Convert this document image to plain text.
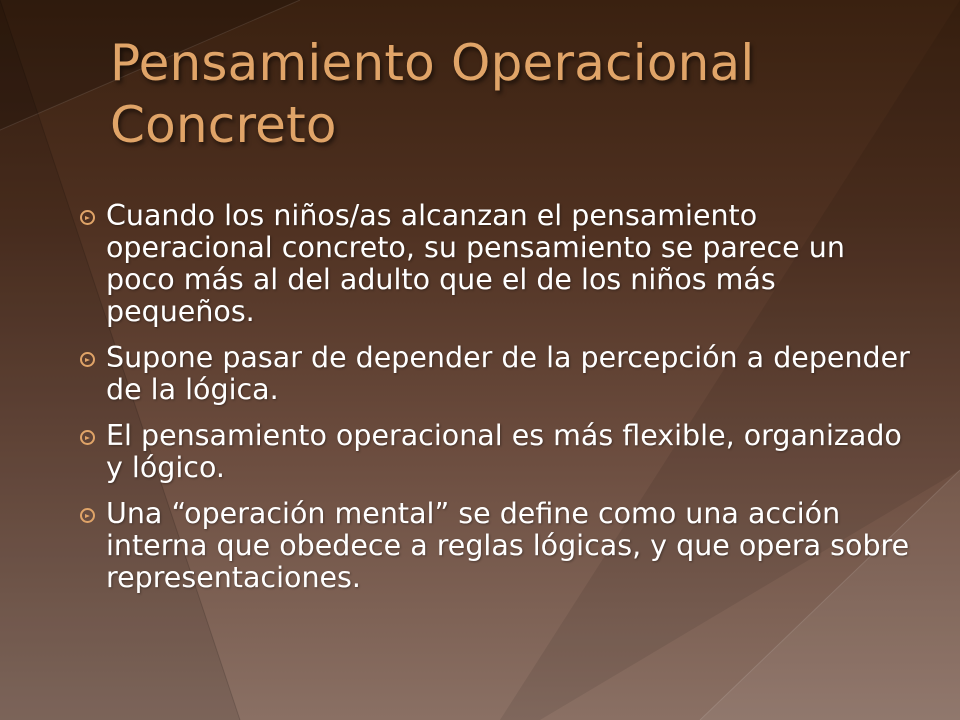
Pensamiento Operacional
Concreto
Cuando los niños/as alcanzan el pensamiento operacional concreto, su pensamiento se parece un poco más al del adulto que el de los niños más pequeños.
Supone pasar de depender de la percepción a depender de la lógica.
El pensamiento operacional es más flexible, organizado y lógico.
Una “operación mental” se define como una acción interna que obedece a reglas lógicas, y que opera sobre representaciones.
